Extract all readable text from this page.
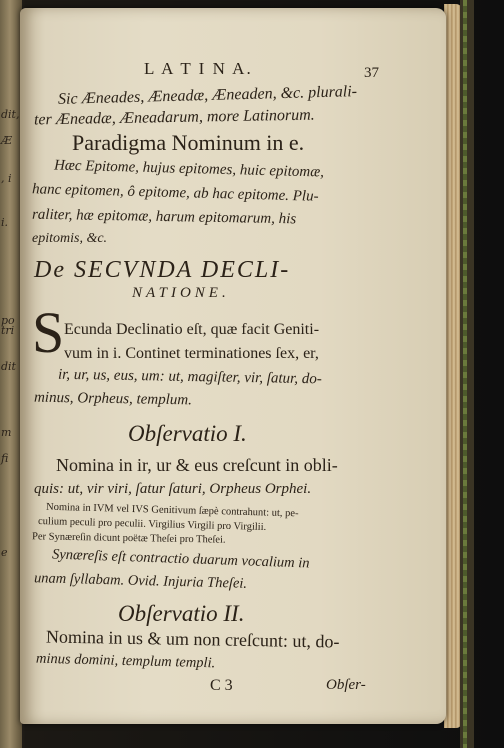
dit,
Æ
, i
i.
po
tri
dit
m
fi
e
L A T I N A.	37
Sic Æneades, Æneadæ, Æneaden, &c. plurali-
ter Æneadæ, Æneadarum, more Latinorum.
Paradigma Nominum in e.
Hæc Epitome, hujus epitomes, huic epitomæ,
hanc epitomen, ô epitome, ab hac epitome. Plu-
raliter, hæ epitomæ, harum epitomarum, his
epitomis, &c.
De SECVNDA DECLI-
NATIONE.
S Ecunda Declinatio eſt, quæ facit Geniti-
vum in i. Continet terminationes ſex, er,
ir, ur, us, eus, um: ut, magiſter, vir, ſatur, do-
minus, Orpheus, templum.
Obſervatio I.
Nomina in ir, ur & eus creſcunt in obli-
quis: ut, vir viri, ſatur ſaturi, Orpheus Orphei.
Nomina in IVM vel IVS Genitivum ſæpè contrahunt: ut, pe-
culium peculi pro peculii. Virgilius Virgili pro Virgilii.
Per Synæreſin dicunt poëtæ Theſei pro Theſei.
Synæreſis eſt contractio duarum vocalium in
unam ſyllabam. Ovid. Injuria Theſei.
Obſervatio II.
Nomina in us & um non creſcunt: ut, do-
minus domini, templum templi.
C 3	Obſer-
